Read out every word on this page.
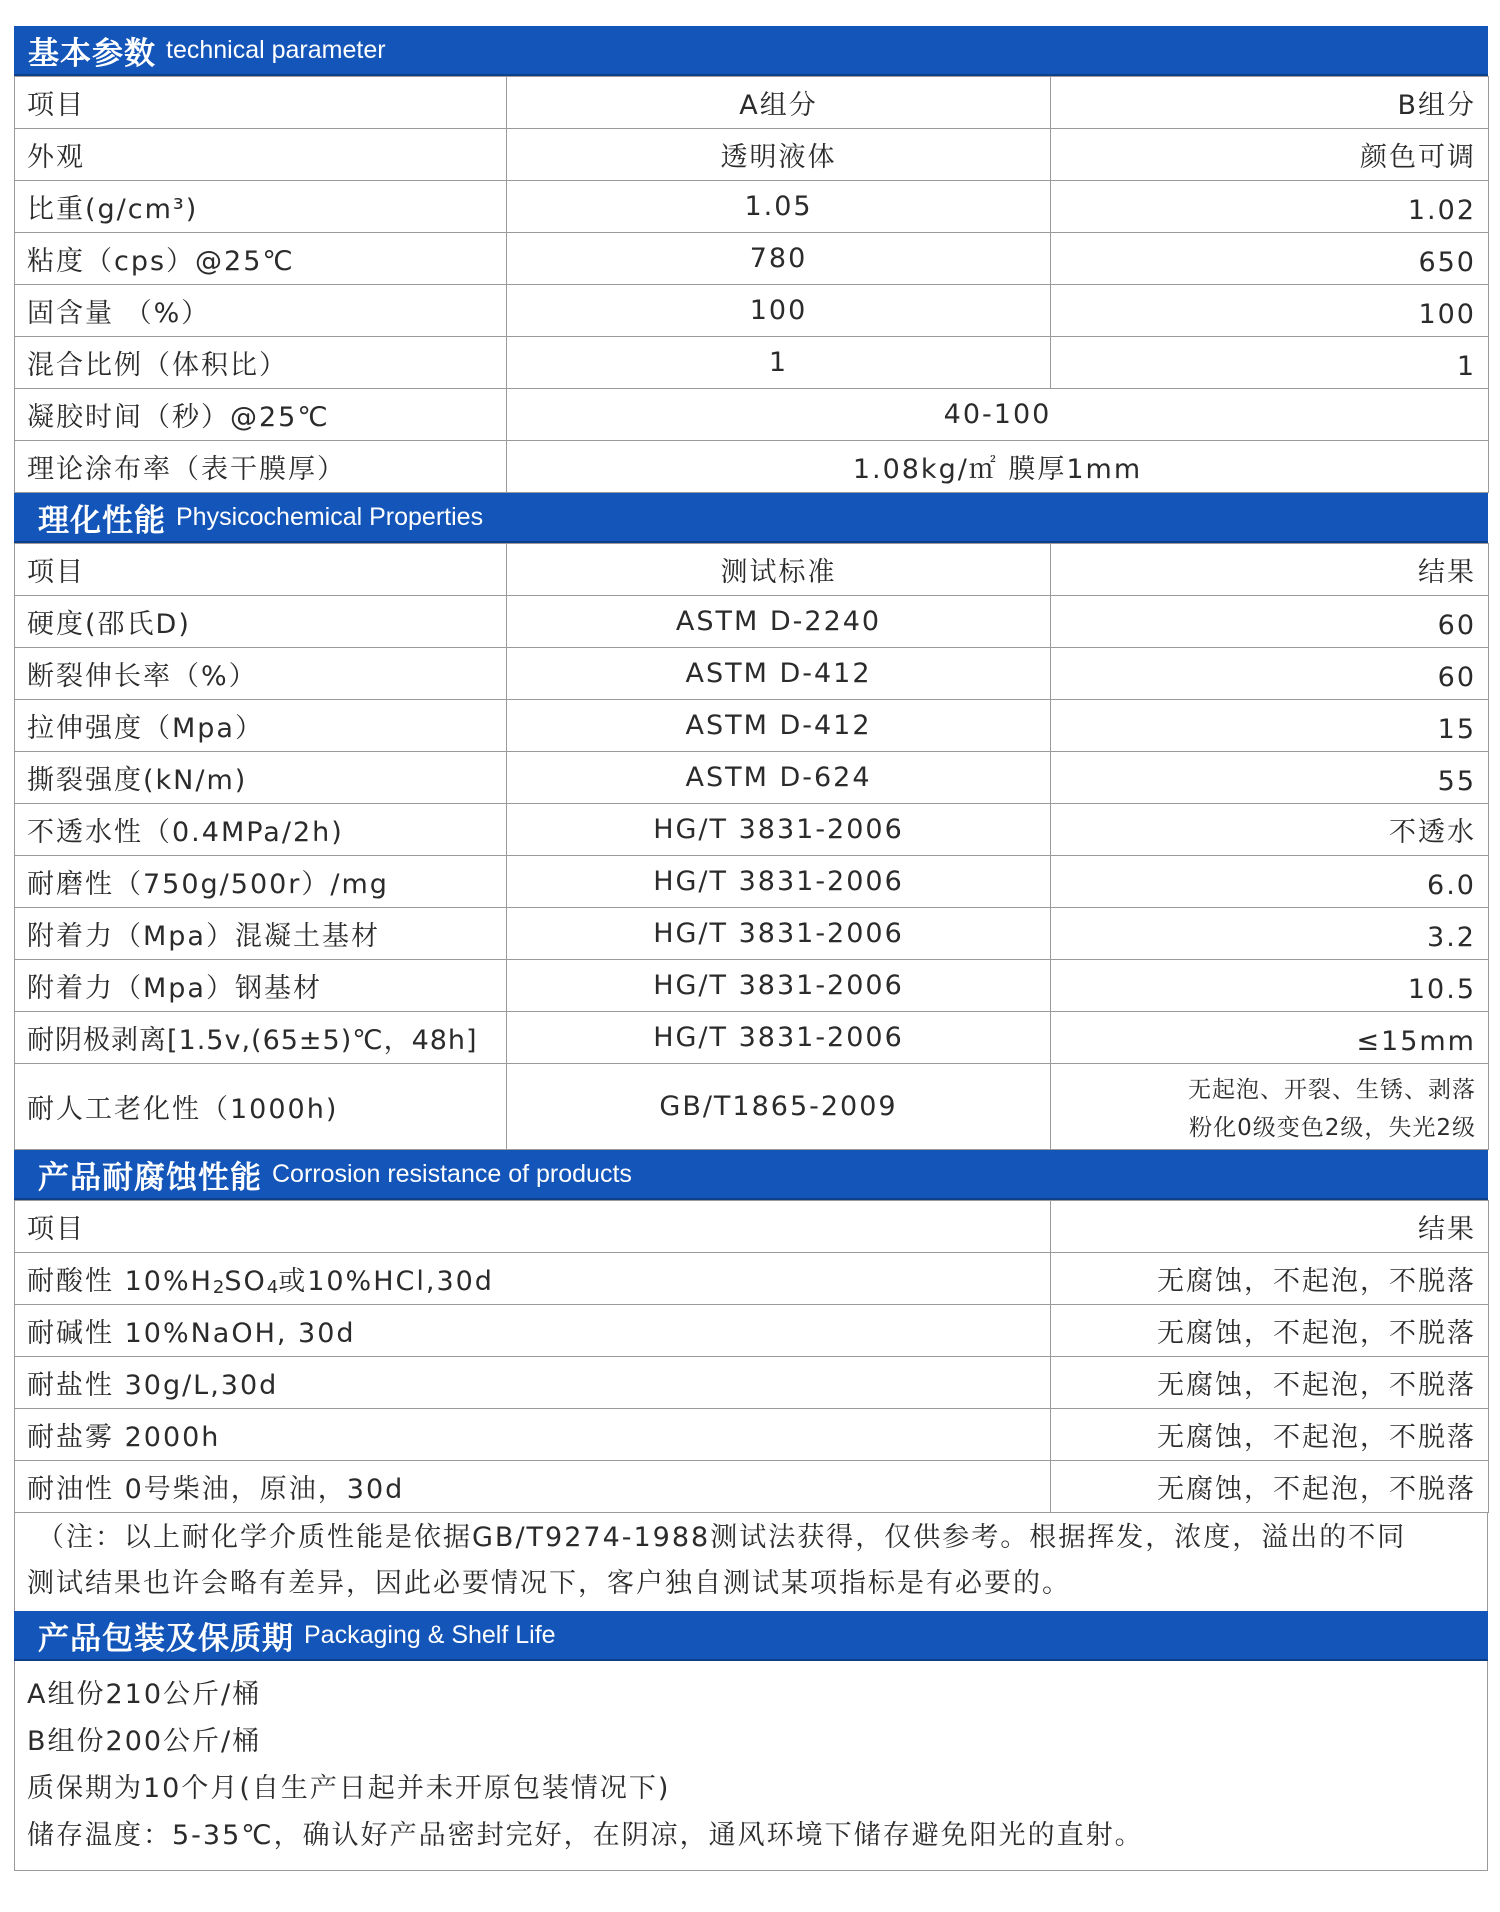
基本参数 technical parameter
项目	A组分	B组分
外观	透明液体	颜色可调
比重(g/cm³)	1.05	1.02
粘度（cps）@25℃	780	650
固含量 （%）	100	100
混合比例（体积比）	1	1
凝胶时间（秒）@25℃	40-100	
理论涂布率（表干膜厚）	1.08kg/㎡ 膜厚1mm	
理化性能 Physicochemical Properties
项目	测试标准	结果
硬度(邵氏D)	ASTM D-2240	60
断裂伸长率（%）	ASTM D-412	60
拉伸强度（Mpa）	ASTM D-412	15
撕裂强度(kN/m)	ASTM D-624	55
不透水性（0.4MPa/2h)	HG/T 3831-2006	不透水
耐磨性（750g/500r）/mg	HG/T 3831-2006	6.0
附着力（Mpa）混凝土基材	HG/T 3831-2006	3.2
附着力（Mpa）钢基材	HG/T 3831-2006	10.5
耐阴极剥离[1.5v,(65±5)℃，48h]	HG/T 3831-2006	≤15mm
耐人工老化性（1000h)	GB/T1865-2009	无起泡、开裂、生锈、剥落
粉化0级变色2级，失光2级
产品耐腐蚀性能 Corrosion resistance of products
项目	结果
耐酸性 $10\%H_2SO_4$或10%HCl,30d	无腐蚀，不起泡，不脱落
耐碱性 10%NaOH, 30d	无腐蚀，不起泡，不脱落
耐盐性 30g/L,30d	无腐蚀，不起泡，不脱落
耐盐雾 2000h	无腐蚀，不起泡，不脱落
耐油性 0号柴油，原油，30d	无腐蚀，不起泡，不脱落
（注：以上耐化学介质性能是依据GB/T9274-1988测试法获得，仅供参考。根据挥发，浓度，溢出的不同
测试结果也许会略有差异，因此必要情况下，客户独自测试某项指标是有必要的。
产品包装及保质期 Packaging & Shelf Life
A组份210公斤/桶
B组份200公斤/桶
质保期为10个月(自生产日起并未开原包装情况下)
储存温度：5-35℃，确认好产品密封完好，在阴凉，通风环境下储存避免阳光的直射。
